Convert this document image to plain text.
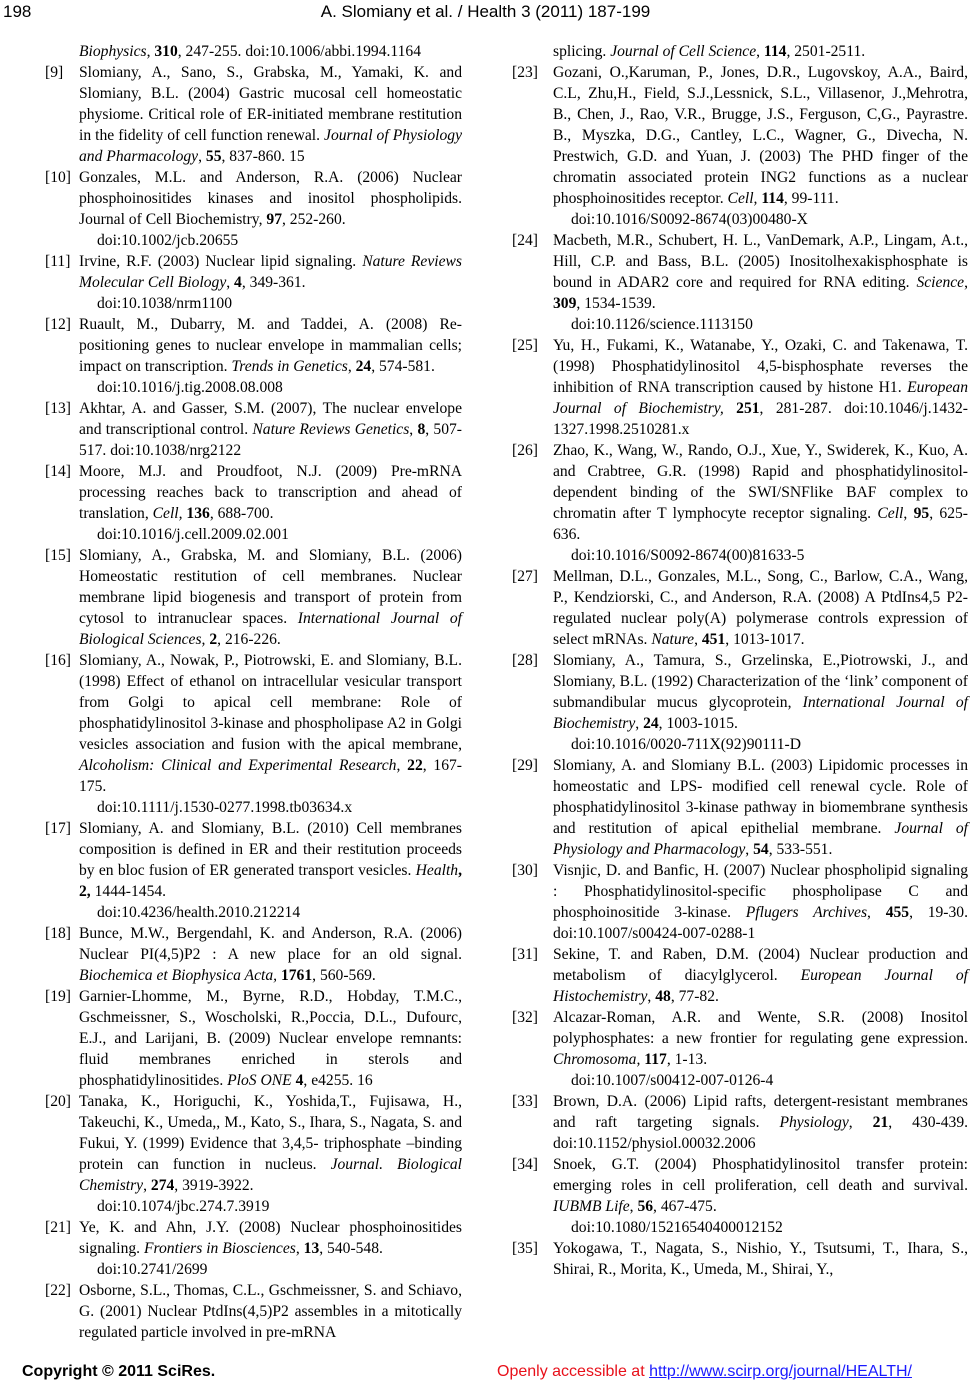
198	A. Slomiany et al. / Health 3 (2011) 187-199
Biophysics, 310, 247-255. doi:10.1006/abbi.1994.1164
[9] Slomiany, A., Sano, S., Grabska, M., Yamaki, K. and Slomiany, B.L. (2004) Gastric mucosal cell homeostatic physiome. Critical role of ER-initiated membrane restitution in the fidelity of cell function renewal. Journal of Physiology and Pharmacology, 55, 837-860. 15
[10] Gonzales, M.L. and Anderson, R.A. (2006) Nuclear phosphoinositides kinases and inositol phospholipids. Journal of Cell Biochemistry, 97, 252-260.
doi:10.1002/jcb.20655
[11] Irvine, R.F. (2003) Nuclear lipid signaling. Nature Reviews Molecular Cell Biology, 4, 349-361.
doi:10.1038/nrm1100
[12] Ruault, M., Dubarry, M. and Taddei, A. (2008) Re-positioning genes to nuclear envelope in mammalian cells; impact on transcription. Trends in Genetics, 24, 574-581.
doi:10.1016/j.tig.2008.08.008
[13] Akhtar, A. and Gasser, S.M. (2007), The nuclear envelope and transcriptional control. Nature Reviews Genetics, 8, 507-517. doi:10.1038/nrg2122
[14] Moore, M.J. and Proudfoot, N.J. (2009) Pre-mRNA processing reaches back to transcription and ahead of translation, Cell, 136, 688-700.
doi:10.1016/j.cell.2009.02.001
[15] Slomiany, A., Grabska, M. and Slomiany, B.L. (2006) Homeostatic restitution of cell membranes. Nuclear membrane lipid biogenesis and transport of protein from cytosol to intranuclear spaces. International Journal of Biological Sciences, 2, 216-226.
[16] Slomiany, A., Nowak, P., Piotrowski, E. and Slomiany, B.L. (1998) Effect of ethanol on intracellular vesicular transport from Golgi to apical cell membrane: Role of phosphatidylinositol 3-kinase and phospholipase A2 in Golgi vesicles association and fusion with the apical membrane, Alcoholism: Clinical and Experimental Research, 22, 167-175.
doi:10.1111/j.1530-0277.1998.tb03634.x
[17] Slomiany, A. and Slomiany, B.L. (2010) Cell membranes composition is defined in ER and their restitution proceeds by en bloc fusion of ER generated transport vesicles. Health, 2, 1444-1454.
doi:10.4236/health.2010.212214
[18] Bunce, M.W., Bergendahl, K. and Anderson, R.A. (2006) Nuclear PI(4,5)P2 : A new place for an old signal. Biochemica et Biophysica Acta, 1761, 560-569.
[19] Garnier-Lhomme, M., Byrne, R.D., Hobday, T.M.C., Gschmeissner, S., Woscholski, R.,Poccia, D.L., Dufourc, E.J., and Larijani, B. (2009) Nuclear envelope remnants: fluid membranes enriched in sterols and phosphatidylinositides. PloS ONE 4, e4255. 16
[20] Tanaka, K., Horiguchi, K., Yoshida,T., Fujisawa, H., Takeuchi, K., Umeda,, M., Kato, S., Ihara, S., Nagata, S. and Fukui, Y. (1999) Evidence that 3,4,5- triphosphate –binding protein can function in nucleus. Journal. Biological Chemistry, 274, 3919-3922.
doi:10.1074/jbc.274.7.3919
[21] Ye, K. and Ahn, J.Y. (2008) Nuclear phosphoinositides signaling. Frontiers in Biosciences, 13, 540-548.
doi:10.2741/2699
[22] Osborne, S.L., Thomas, C.L., Gschmeissner, S. and Schiavo, G. (2001) Nuclear PtdIns(4,5)P2 assembles in a mitotically regulated particle involved in pre-mRNA
splicing. Journal of Cell Science, 114, 2501-2511.
[23] Gozani, O.,Karuman, P., Jones, D.R., Lugovskoy, A.A., Baird, C.L, Zhu,H., Field, S.J.,Lessnick, S.L., Villasenor, J.,Mehrotra, B., Chen, J., Rao, V.R., Brugge, J.S., Ferguson, C,G., Payrastre. B., Myszka, D.G., Cantley, L.C., Wagner, G., Divecha, N. Prestwich, G.D. and Yuan, J. (2003) The PHD finger of the chromatin associated protein ING2 functions as a nuclear phosphoinositides receptor. Cell, 114, 99-111.
doi:10.1016/S0092-8674(03)00480-X
[24] Macbeth, M.R., Schubert, H. L., VanDemark, A.P., Lingam, A.t., Hill, C.P. and Bass, B.L. (2005) Inositolhexakisphosphate is bound in ADAR2 core and required for RNA editing. Science, 309, 1534-1539.
doi:10.1126/science.1113150
[25] Yu, H., Fukami, K., Watanabe, Y., Ozaki, C. and Takenawa, T. (1998) Phosphatidylinositol 4,5-bisphosphate reverses the inhibition of RNA transcription caused by histone H1. European Journal of Biochemistry, 251, 281-287. doi:10.1046/j.1432-1327.1998.2510281.x
[26] Zhao, K., Wang, W., Rando, O.J., Xue, Y., Swiderek, K., Kuo, A. and Crabtree, G.R. (1998) Rapid and phosphatidylinositol-dependent binding of the SWI/SNFlike BAF complex to chromatin after T lymphocyte receptor signaling. Cell, 95, 625-636.
doi:10.1016/S0092-8674(00)81633-5
[27] Mellman, D.L., Gonzales, M.L., Song, C., Barlow, C.A., Wang, P., Kendziorski, C., and Anderson, R.A. (2008) A PtdIns4,5 P2-regulated nuclear poly(A) polymerase controls expression of select mRNAs. Nature, 451, 1013-1017.
[28] Slomiany, A., Tamura, S., Grzelinska, E.,Piotrowski, J., and Slomiany, B.L. (1992) Characterization of the ‘link’ component of submandibular mucus glycoprotein, International Journal of Biochemistry, 24, 1003-1015.
doi:10.1016/0020-711X(92)90111-D
[29] Slomiany, A. and Slomiany B.L. (2003) Lipidomic processes in homeostatic and LPS- modified cell renewal cycle. Role of phosphatidylinositol 3-kinase pathway in biomembrane synthesis and restitution of apical epithelial membrane. Journal of Physiology and Pharmacology, 54, 533-551.
[30] Visnjic, D. and Banfic, H. (2007) Nuclear phospholipid signaling : Phosphatidylinositol-specific phospholipase C and phosphoinositide 3-kinase. Pflugers Archives, 455, 19-30. doi:10.1007/s00424-007-0288-1
[31] Sekine, T. and Raben, D.M. (2004) Nuclear production and metabolism of diacylglycerol. European Journal of Histochemistry, 48, 77-82.
[32] Alcazar-Roman, A.R. and Wente, S.R. (2008) Inositol polyphosphates: a new frontier for regulating gene expression. Chromosoma, 117, 1-13.
doi:10.1007/s00412-007-0126-4
[33] Brown, D.A. (2006) Lipid rafts, detergent-resistant membranes and raft targeting signals. Physiology, 21, 430-439. doi:10.1152/physiol.00032.2006
[34] Snoek, G.T. (2004) Phosphatidylinositol transfer protein: emerging roles in cell proliferation, cell death and survival. IUBMB Life, 56, 467-475.
doi:10.1080/15216540400012152
[35] Yokogawa, T., Nagata, S., Nishio, Y., Tsutsumi, T., Ihara, S., Shirai, R., Morita, K., Umeda, M., Shirai, Y.,
Copyright © 2011 SciRes.	Openly accessible at http://www.scirp.org/journal/HEALTH/
